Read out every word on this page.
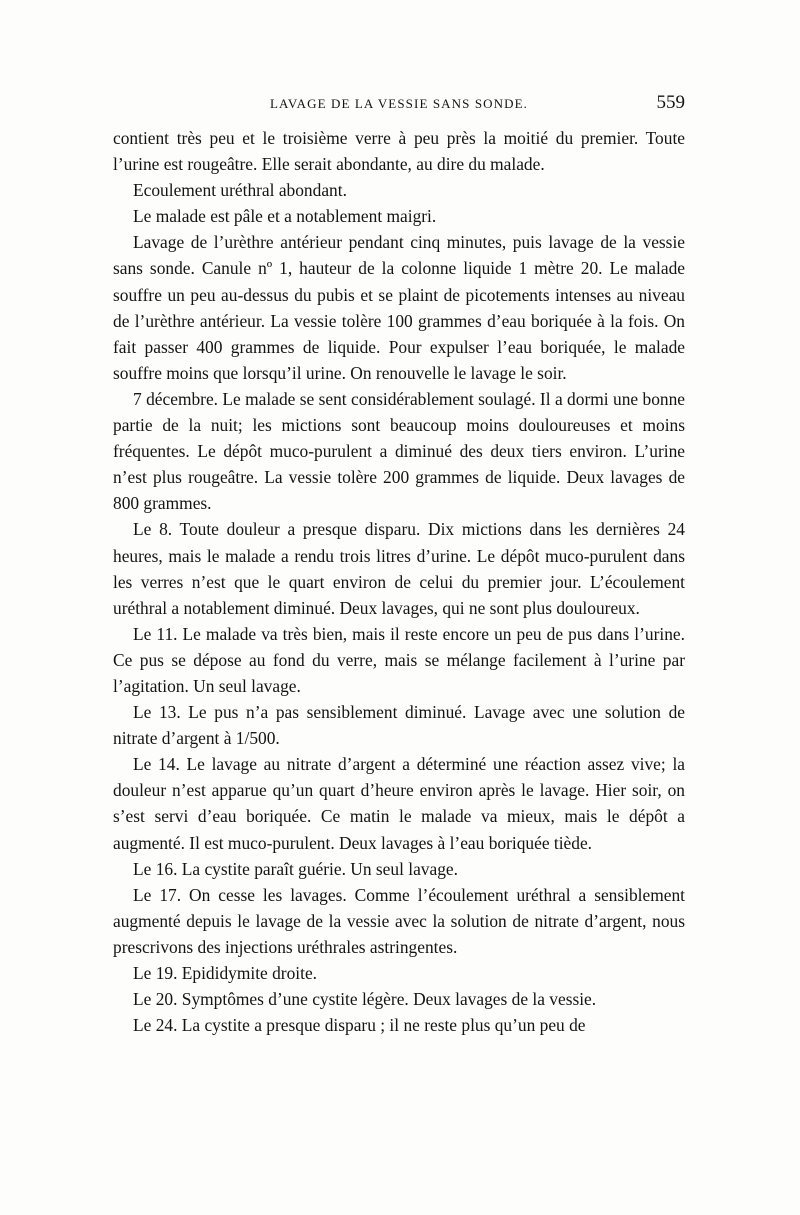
LAVAGE DE LA VESSIE SANS SONDE.	559

contient très peu et le troisième verre à peu près la moitié du premier. Toute l’urine est rougeâtre. Elle serait abondante, au dire du malade.

Ecoulement uréthral abondant.

Le malade est pâle et a notablement maigri.

Lavage de l’urèthre antérieur pendant cinq minutes, puis lavage de la vessie sans sonde. Canule nº 1, hauteur de la colonne liquide 1 mètre 20. Le malade souffre un peu au-dessus du pubis et se plaint de picotements intenses au niveau de l’urèthre antérieur. La vessie tolère 100 grammes d’eau boriquée à la fois. On fait passer 400 grammes de liquide. Pour expulser l’eau boriquée, le malade souffre moins que lorsqu’il urine. On renouvelle le lavage le soir.

7 décembre. Le malade se sent considérablement soulagé. Il a dormi une bonne partie de la nuit; les mictions sont beaucoup moins douloureuses et moins fréquentes. Le dépôt muco-purulent a diminué des deux tiers environ. L’urine n’est plus rougeâtre. La vessie tolère 200 grammes de liquide. Deux lavages de 800 grammes.

Le 8. Toute douleur a presque disparu. Dix mictions dans les dernières 24 heures, mais le malade a rendu trois litres d’urine. Le dépôt muco-purulent dans les verres n’est que le quart environ de celui du premier jour. L’écoulement uréthral a notablement diminué. Deux lavages, qui ne sont plus douloureux.

Le 11. Le malade va très bien, mais il reste encore un peu de pus dans l’urine. Ce pus se dépose au fond du verre, mais se mélange facilement à l’urine par l’agitation. Un seul lavage.

Le 13. Le pus n’a pas sensiblement diminué. Lavage avec une solution de nitrate d’argent à 1/500.

Le 14. Le lavage au nitrate d’argent a déterminé une réaction assez vive; la douleur n’est apparue qu’un quart d’heure environ après le lavage. Hier soir, on s’est servi d’eau boriquée. Ce matin le malade va mieux, mais le dépôt a augmenté. Il est muco-purulent. Deux lavages à l’eau boriquée tiède.

Le 16. La cystite paraît guérie. Un seul lavage.

Le 17. On cesse les lavages. Comme l’écoulement uréthral a sensiblement augmenté depuis le lavage de la vessie avec la solution de nitrate d’argent, nous prescrivons des injections uréthrales astringentes.

Le 19. Epididymite droite.

Le 20. Symptômes d’une cystite légère. Deux lavages de la vessie.

Le 24. La cystite a presque disparu ; il ne reste plus qu’un peu de
